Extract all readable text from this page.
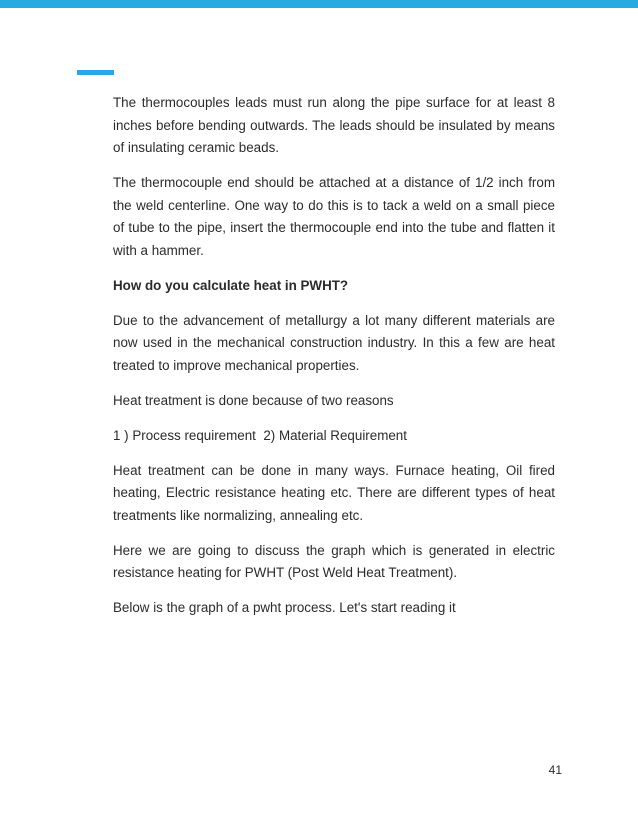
The thermocouples leads must run along the pipe surface for at least 8 inches before bending outwards. The leads should be insulated by means of insulating ceramic beads.

The thermocouple end should be attached at a distance of 1/2 inch from the weld centerline. One way to do this is to tack a weld on a small piece of tube to the pipe, insert the thermocouple end into the tube and flatten it with a hammer.

How do you calculate heat in PWHT?

Due to the advancement of metallurgy a lot many different materials are now used in the mechanical construction industry. In this a few are heat treated to improve mechanical properties.

Heat treatment is done because of two reasons

1 ) Process requirement  2) Material Requirement

Heat treatment can be done in many ways. Furnace heating, Oil fired heating, Electric resistance heating etc. There are different types of heat treatments like normalizing, annealing etc.

Here we are going to discuss the graph which is generated in electric resistance heating for PWHT (Post Weld Heat Treatment).

Below is the graph of a pwht process. Let's start reading it

41
